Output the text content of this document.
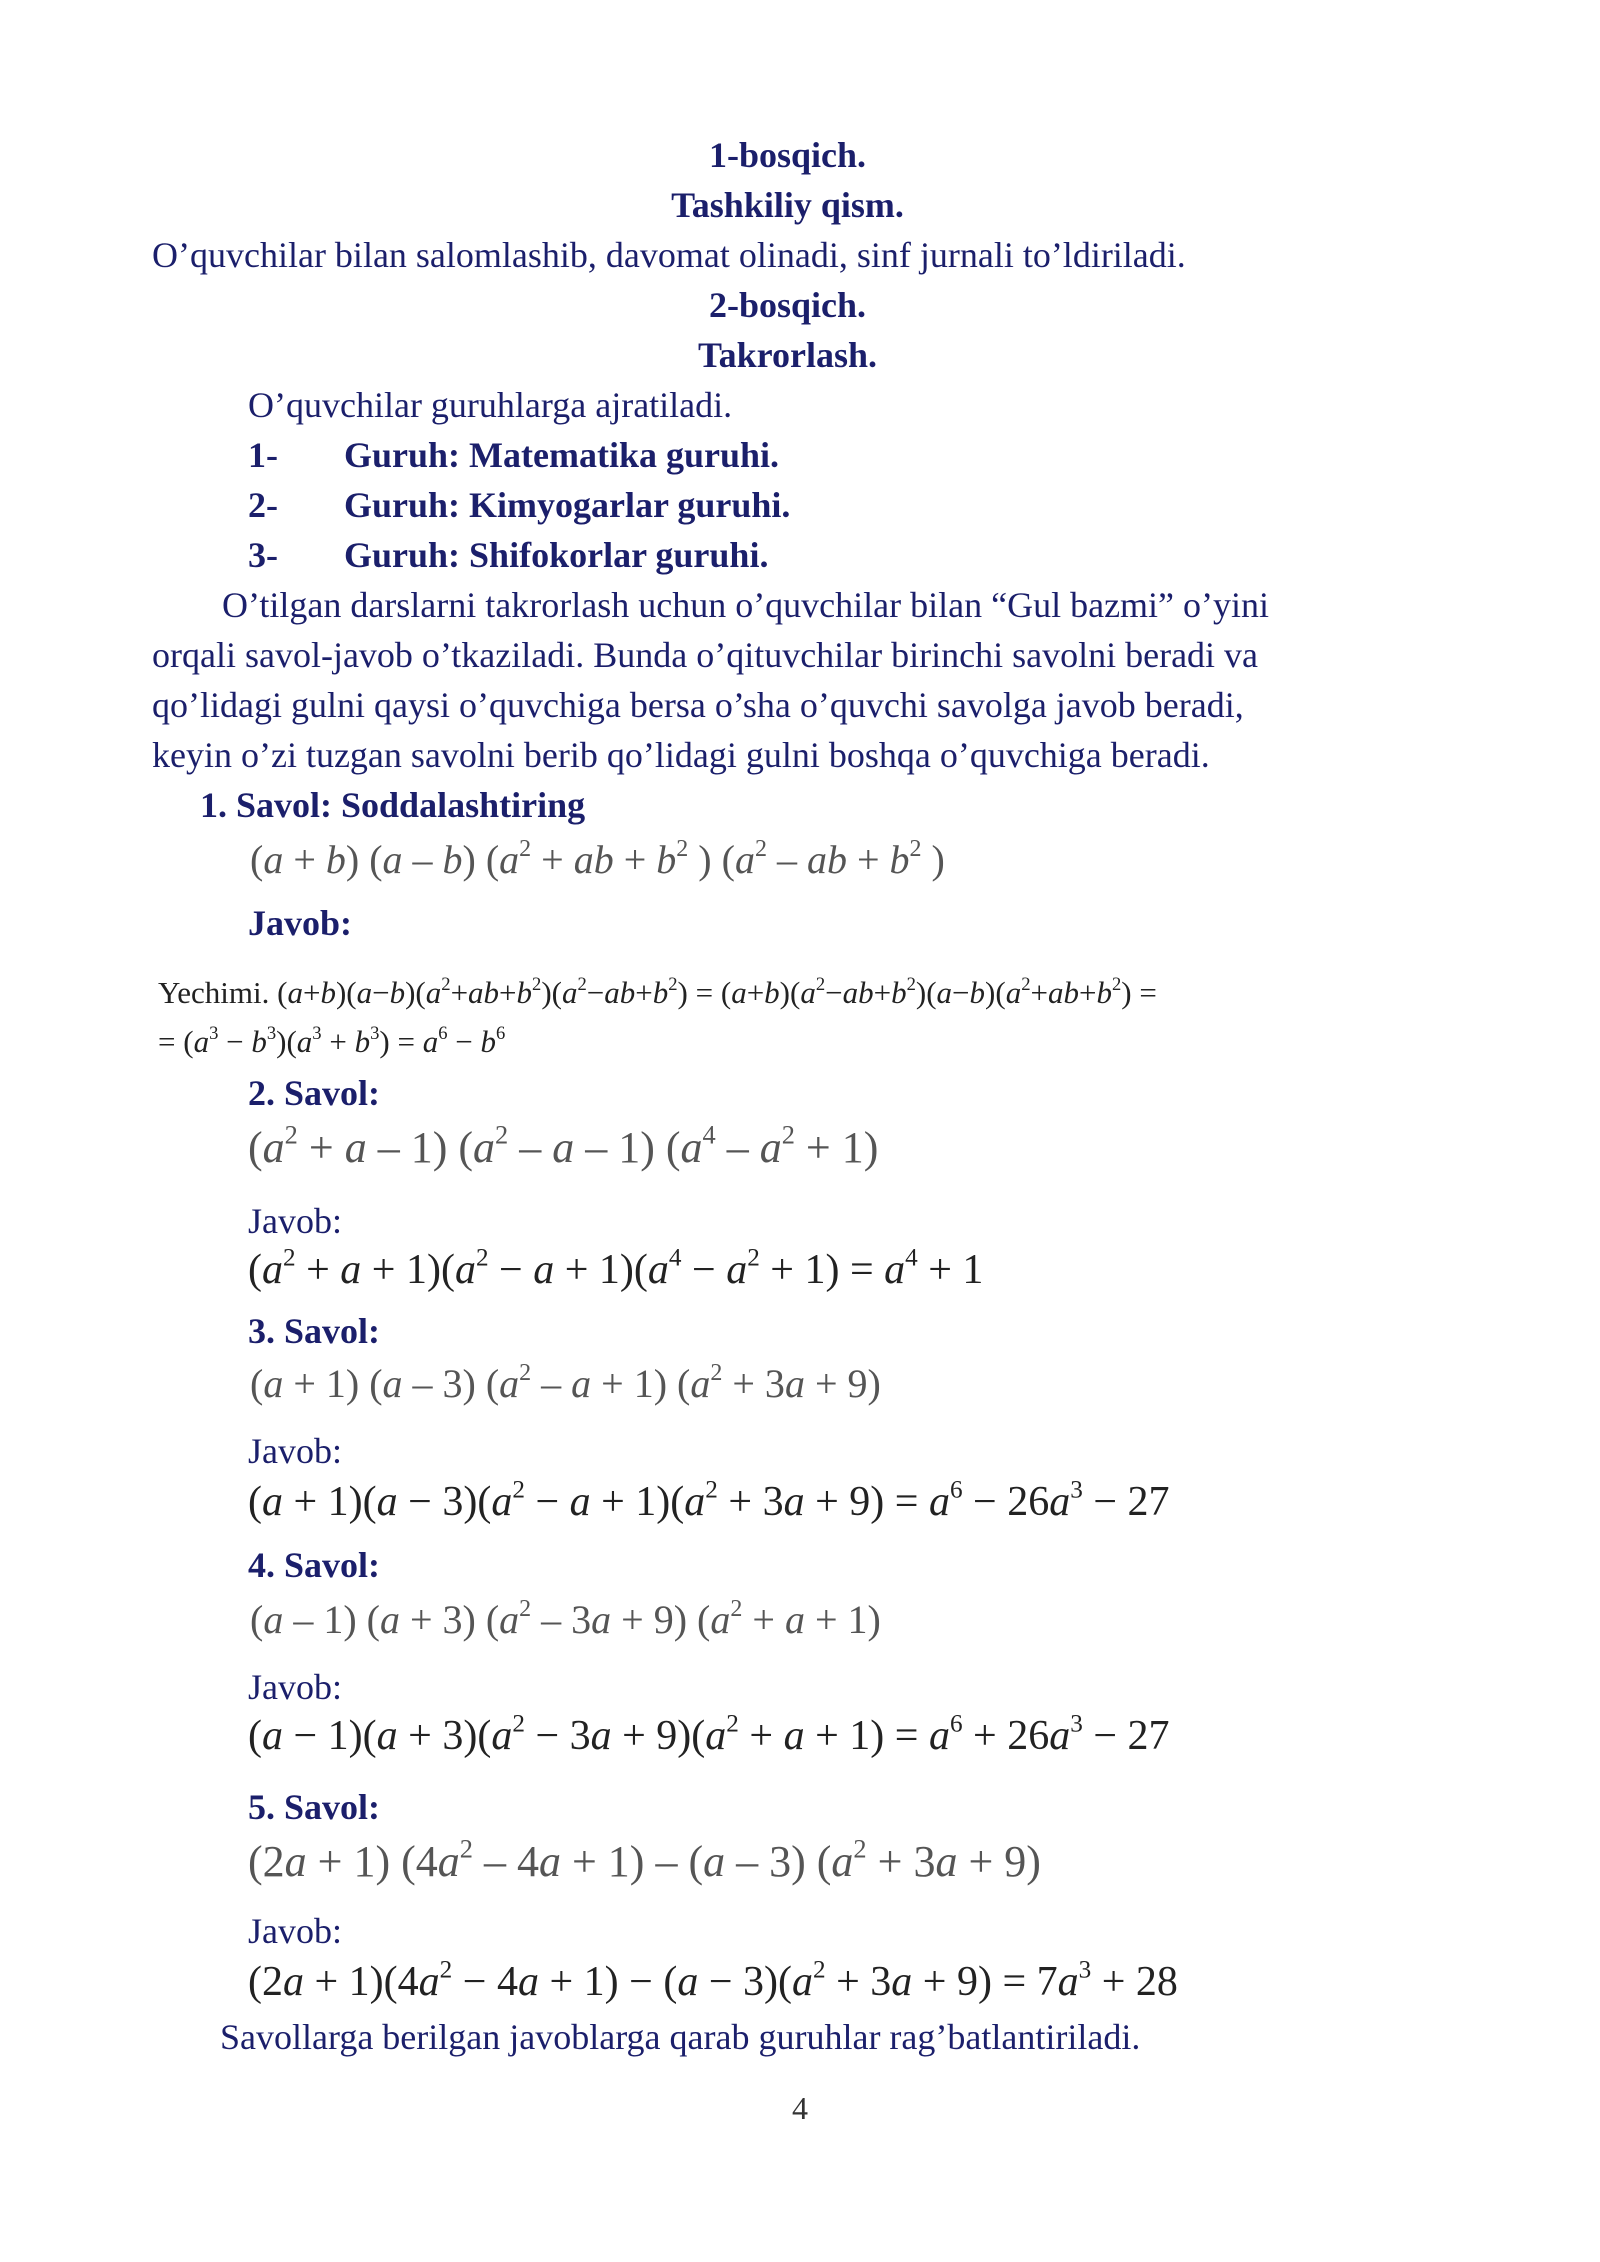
1-bosqich.
Tashkiliy qism.
O’quvchilar bilan salomlashib, davomat olinadi, sinf jurnali to’ldiriladi.
2-bosqich.
Takrorlash.
O’quvchilar guruhlarga ajratiladi.
1- Guruh: Matematika guruhi.
2- Guruh: Kimyogarlar guruhi.
3- Guruh: Shifokorlar guruhi.
O’tilgan darslarni takrorlash uchun o’quvchilar bilan “Gul bazmi” o’yini
orqali savol-javob o’tkaziladi. Bunda o’qituvchilar birinchi savolni beradi va
qo’lidagi gulni qaysi o’quvchiga bersa o’sha o’quvchi savolga javob beradi,
keyin o’zi tuzgan savolni berib qo’lidagi gulni boshqa o’quvchiga beradi.
1. Savol: Soddalashtiring
(a + b) (a – b) ($a^2$ + ab + $b^2$ ) ($a^2$ – ab + $b^2$ )
Javob:
Yechimi. $(a+b)(a-b)(a^2+ab+b^2)(a^2-ab+b^2) = (a+b)(a^2-ab+b^2)(a-b)(a^2+ab+b^2)$ =
= $(a^3 - b^3)(a^3 + b^3) = a^6 - b^6$
2. Savol:
$(a^2 + a - 1)$ ($a^2$ – a – 1) $(a^4 - a^2 + 1)$
Javob:
$(a^2 + a + 1)(a^2 - a + 1)(a^4 - a^2 + 1) = a^4 + 1$
3. Savol:
(a + 1) (a – 3) $(a^2 - a + 1) (a^2 + 3a + 9)$
Javob:
$(a + 1)(a - 3)(a^2 - a + 1)(a^2 + 3a + 9) = a^6 - 26a^3 - 27$
4. Savol:
(a – 1) (a + 3) $(a^2 - 3a + 9) (a^2 + a + 1)$
Javob:
$(a - 1)(a + 3)(a^2 - 3a + 9)(a^2 + a + 1) = a^6 + 26a^3 - 27$
5. Savol:
(2a + 1) $(4a^2 - 4a + 1) - (a - 3) (a^2 + 3a + 9)$
Javob:
$(2a + 1)(4a^2 - 4a + 1) - (a - 3)(a^2 + 3a + 9) = 7a^3 + 28$
Savollarga berilgan javoblarga qarab guruhlar rag’batlantiriladi.
4
